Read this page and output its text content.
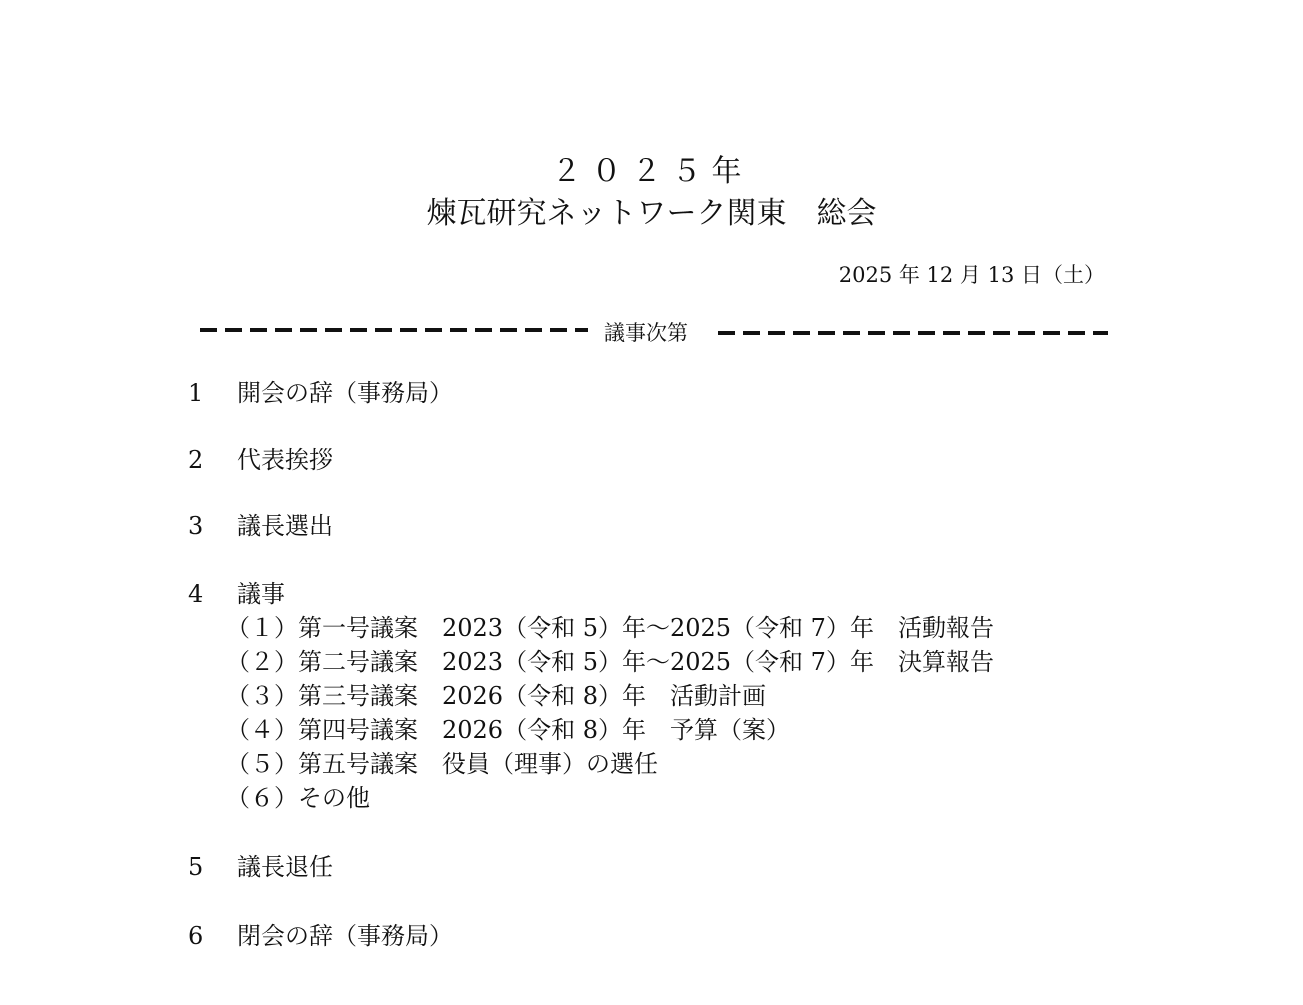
２０２５年
煉瓦研究ネットワーク関東　総会
2025 年 12 月 13 日（土）
議事次第
1 開会の辞（事務局）
2 代表挨拶
3 議長選出
4 議事
（１）第一号議案　2023（令和 5）年～2025（令和 7）年　活動報告
（２）第二号議案　2023（令和 5）年～2025（令和 7）年　決算報告
（３）第三号議案　2026（令和 8）年　活動計画
（４）第四号議案　2026（令和 8）年　予算（案）
（５）第五号議案　役員（理事）の選任
（６）その他
5 議長退任
6 閉会の辞（事務局）
